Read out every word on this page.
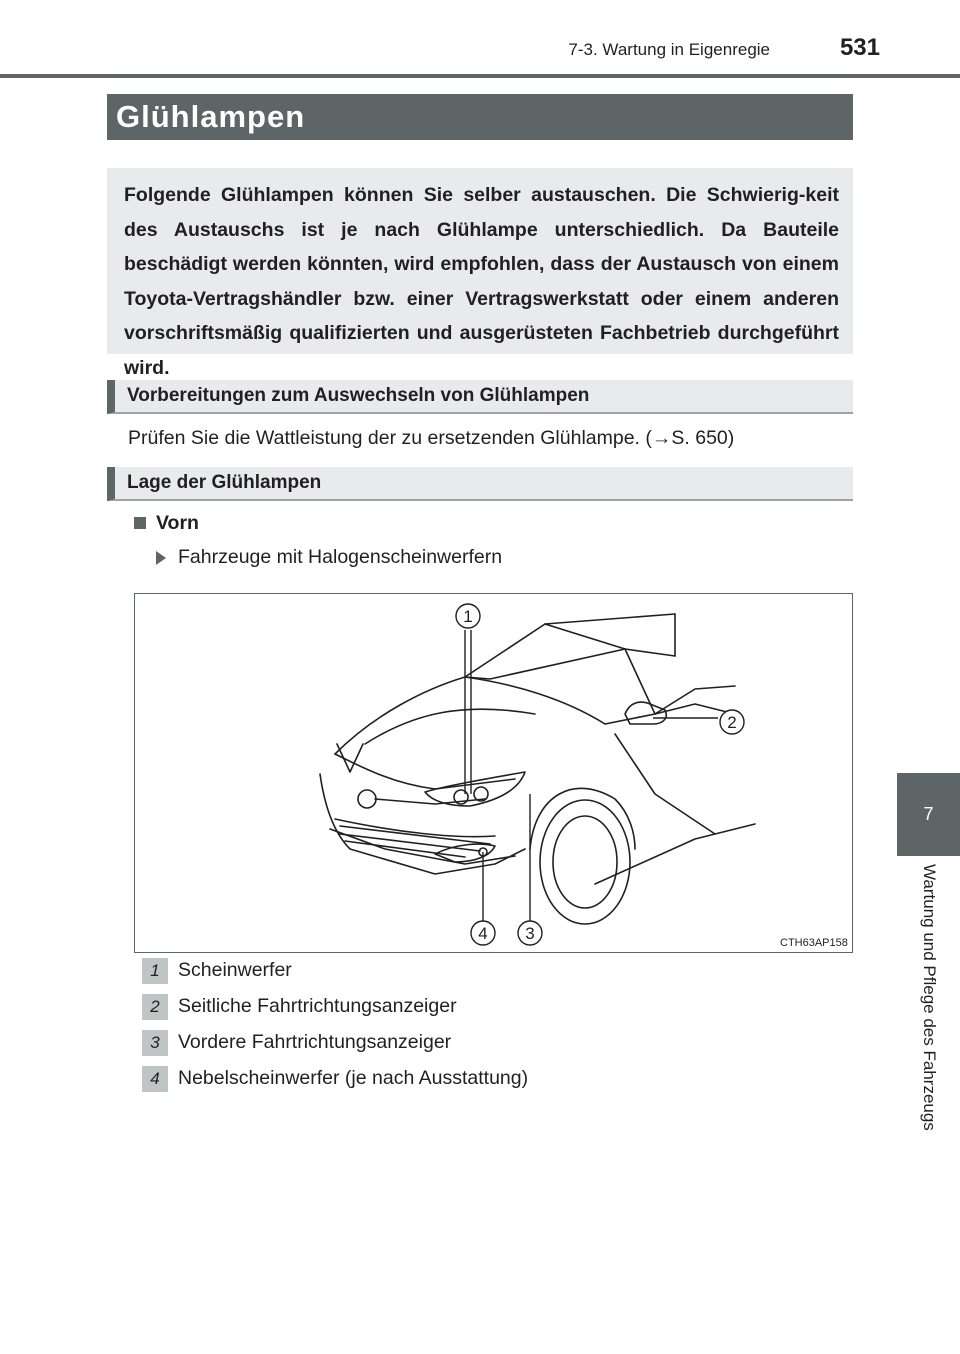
7-3. Wartung in Eigenregie	531
7
Wartung und Pflege des Fahrzeugs
Glühlampen
Folgende Glühlampen können Sie selber austauschen. Die Schwierig-keit des Austauschs ist je nach Glühlampe unterschiedlich. Da Bauteile beschädigt werden könnten, wird empfohlen, dass der Austausch von einem Toyota-Vertragshändler bzw. einer Vertragswerkstatt oder einem anderen vorschriftsmäßig qualifizierten und ausgerüsteten Fachbetrieb durchgeführt wird.
Vorbereitungen zum Auswechseln von Glühlampen
Prüfen Sie die Wattleistung der zu ersetzenden Glühlampe. (→S. 650)
Lage der Glühlampen
Vorn
Fahrzeuge mit Halogenscheinwerfern
1
2
3
4	CTH63AP158
1 Scheinwerfer
2 Seitliche Fahrtrichtungsanzeiger
3 Vordere Fahrtrichtungsanzeiger
4 Nebelscheinwerfer (je nach Ausstattung)
